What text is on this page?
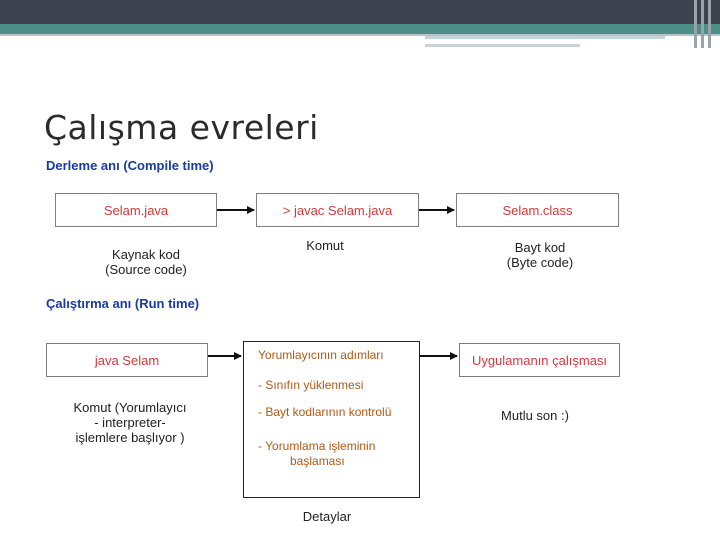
Çalışma evreleri
Derleme anı (Compile time)
Selam.java	> javac Selam.java	Selam.class
Kaynak kod
(Source code)
Komut	Bayt kod
(Byte code)
Çalıştırma anı (Run time)
java Selam	Yorumlayıcının adımları
- Sınıfın yüklenmesi
- Bayt kodlarının kontrolü
- Yorumlama işleminin
başlaması
Uygulamanın çalışması
Komut (Yorumlayıcı
- interpreter-
işlemlere başlıyor )
Mutlu son :)
Detaylar
